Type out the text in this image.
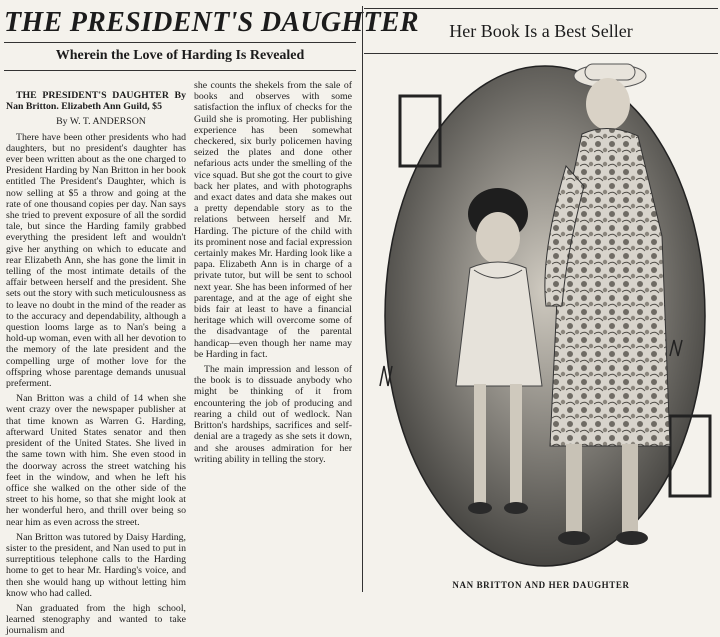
THE PRESIDENT'S DAUGHTER
Wherein the Love of Harding Is Revealed

THE PRESIDENT'S DAUGHTER By Nan Britton. Elizabeth Ann Guild, $5

By W. T. ANDERSON

There have been other presidents who had daughters, but no president's daughter has ever been written about as the one charged to President Harding by Nan Britton in her book entitled The President's Daughter, which is now selling at $5 a throw and going at the rate of one thousand copies per day. Nan says she tried to prevent exposure of all the sordid tale, but since the Harding family grabbed everything the president left and wouldn't give her anything on which to educate and rear Elizabeth Ann, she has gone the limit in telling of the most intimate details of the affair between herself and the president. She sets out the story with such meticulousness as to leave no doubt in the mind of the reader as to the accuracy and dependability, although a question looms large as to Nan's being a hold-up woman, even with all her devotion to the memory of the late president and the compelling urge of mother love for the offspring whose parentage demands unusual preferment.

Nan Britton was a child of 14 when she went crazy over the newspaper publisher at that time known as Warren G. Harding, afterward United States senator and then president of the United States. She lived in the same town with him. She even stood in the doorway across the street watching his feet in the window, and when he left his office she walked on the other side of the street to his home, so that she might look at her wonderful hero, and thrill over being so near him as even across the street.

Nan Britton was tutored by Daisy Harding, sister to the president, and Nan used to put in surreptitious telephone calls to the Harding home to get to hear Mr. Harding's voice, and then she would hang up without letting him know who had called.

Nan graduated from the high school, learned stenography and wanted to take journalism and

she counts the shekels from the sale of books and observes with some satisfaction the influx of checks for the Guild she is promoting. Her publishing experience has been somewhat checkered, six burly policemen having seized the plates and done other nefarious acts under the smelling of the vice squad. But she got the court to give back her plates, and with photographs and exact dates and data she makes out a pretty dependable story as to the relations between herself and Mr. Harding. The picture of the child with its prominent nose and facial expression certainly makes Mr. Harding look like a papa. Elizabeth Ann is in charge of a private tutor, but will be sent to school next year. She has been informed of her parentage, and at the age of eight she bids fair at least to have a financial heritage which will overcome some of the disadvantage of the parental handicap—even though her name may be Harding in fact.

The main impression and lesson of the book is to dissuade anybody who might be thinking of it from encountering the job of producing and rearing a child out of wedlock. Nan Britton's hardships, sacrifices and self-denial are a tragedy as she sets it down, and she arouses admiration for her writing ability in telling the story.

Her Book Is a Best Seller
NAN BRITTON AND HER DAUGHTER
